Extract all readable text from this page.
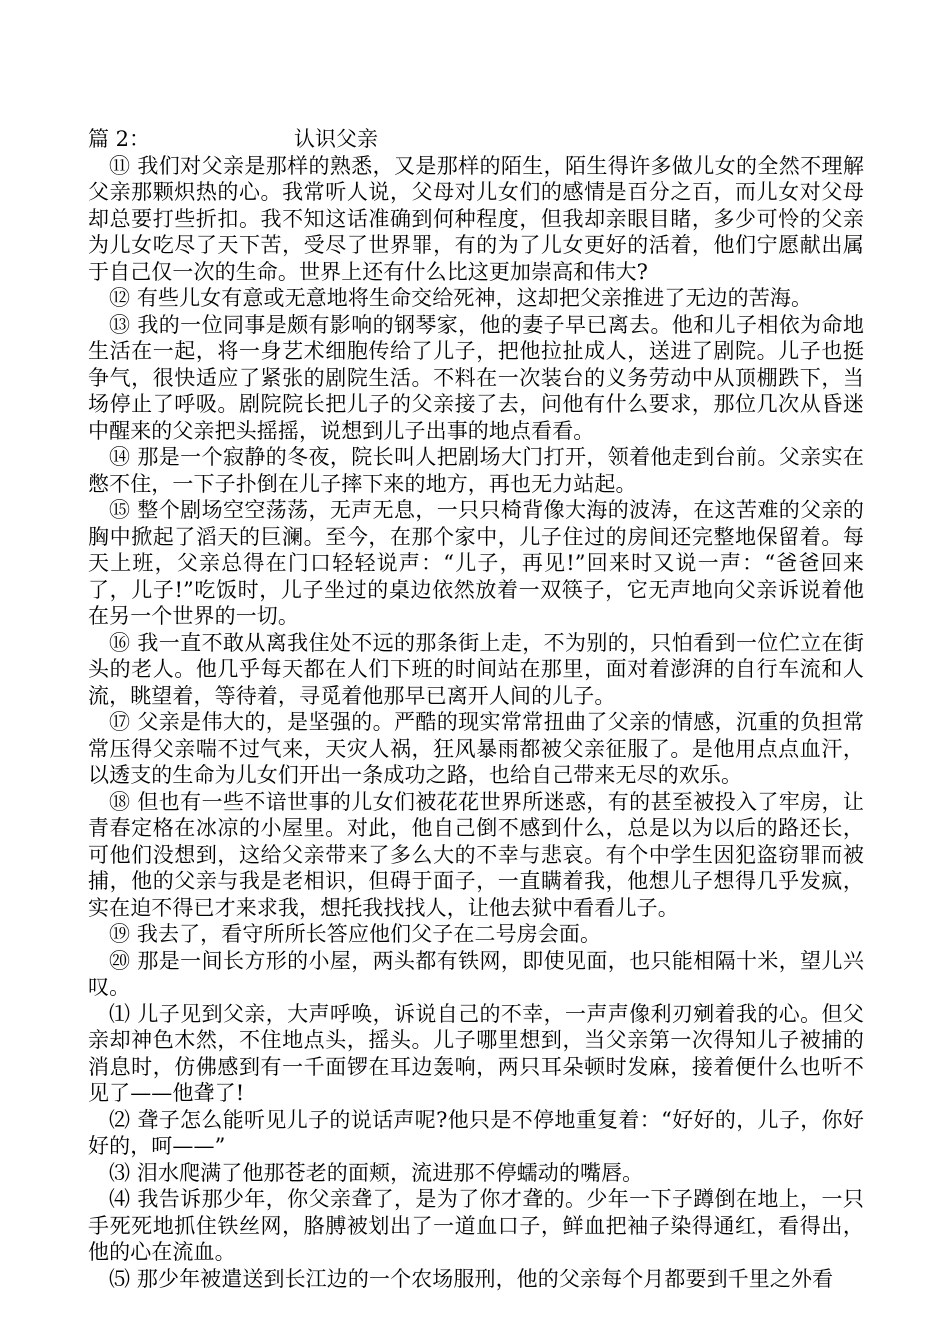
篇 2：	认识父亲

⑪ 我们对父亲是那样的熟悉，又是那样的陌生，陌生得许多做儿女的全然不理解父亲那颗炽热的心。我常听人说，父母对儿女们的感情是百分之百，而儿女对父母却总要打些折扣。我不知这话准确到何种程度，但我却亲眼目睹，多少可怜的父亲为儿女吃尽了天下苦，受尽了世界罪，有的为了儿女更好的活着，他们宁愿献出属于自己仅一次的生命。世界上还有什么比这更加崇高和伟大?

⑫ 有些儿女有意或无意地将生命交给死神，这却把父亲推进了无边的苦海。

⑬ 我的一位同事是颇有影响的钢琴家，他的妻子早已离去。他和儿子相依为命地生活在一起，将一身艺术细胞传给了儿子，把他拉扯成人，送进了剧院。儿子也挺争气，很快适应了紧张的剧院生活。不料在一次装台的义务劳动中从顶棚跌下，当场停止了呼吸。剧院院长把儿子的父亲接了去，问他有什么要求，那位几次从昏迷中醒来的父亲把头摇摇，说想到儿子出事的地点看看。

⑭ 那是一个寂静的冬夜，院长叫人把剧场大门打开，领着他走到台前。父亲实在憋不住，一下子扑倒在儿子摔下来的地方，再也无力站起。

⑮ 整个剧场空空荡荡，无声无息，一只只椅背像大海的波涛，在这苦难的父亲的胸中掀起了滔天的巨澜。至今，在那个家中，儿子住过的房间还完整地保留着。每天上班，父亲总得在门口轻轻说声：“儿子，再见!”回来时又说一声：“爸爸回来了，儿子!”吃饭时，儿子坐过的桌边依然放着一双筷子，它无声地向父亲诉说着他在另一个世界的一切。

⑯ 我一直不敢从离我住处不远的那条街上走，不为别的，只怕看到一位伫立在街头的老人。他几乎每天都在人们下班的时间站在那里，面对着澎湃的自行车流和人流，眺望着，等待着，寻觅着他那早已离开人间的儿子。

⑰ 父亲是伟大的，是坚强的。严酷的现实常常扭曲了父亲的情感，沉重的负担常常压得父亲喘不过气来，天灾人祸，狂风暴雨都被父亲征服了。是他用点点血汗，以透支的生命为儿女们开出一条成功之路，也给自己带来无尽的欢乐。

⑱ 但也有一些不谙世事的儿女们被花花世界所迷惑，有的甚至被投入了牢房，让青春定格在冰凉的小屋里。对此，他自己倒不感到什么，总是以为以后的路还长，可他们没想到，这给父亲带来了多么大的不幸与悲哀。有个中学生因犯盗窃罪而被捕，他的父亲与我是老相识，但碍于面子，一直瞒着我，他想儿子想得几乎发疯，实在迫不得已才来求我，想托我找找人，让他去狱中看看儿子。

⑲ 我去了，看守所所长答应他们父子在二号房会面。

⑳ 那是一间长方形的小屋，两头都有铁网，即使见面，也只能相隔十米，望儿兴叹。

⑴ 儿子见到父亲，大声呼唤，诉说自己的不幸，一声声像利刃剜着我的心。但父亲却神色木然，不住地点头，摇头。儿子哪里想到，当父亲第一次得知儿子被捕的消息时，仿佛感到有一千面锣在耳边轰响，两只耳朵顿时发麻，接着便什么也听不见了——他聋了!

⑵ 聋子怎么能听见儿子的说话声呢?他只是不停地重复着：“好好的，儿子，你好好的，呵——”

⑶ 泪水爬满了他那苍老的面颊，流进那不停蠕动的嘴唇。

⑷ 我告诉那少年，你父亲聋了，是为了你才聋的。少年一下子蹲倒在地上，一只手死死地抓住铁丝网，胳膊被划出了一道血口子，鲜血把袖子染得通红，看得出，他的心在流血。

⑸ 那少年被遣送到长江边的一个农场服刑，他的父亲每个月都要到千里之外看
